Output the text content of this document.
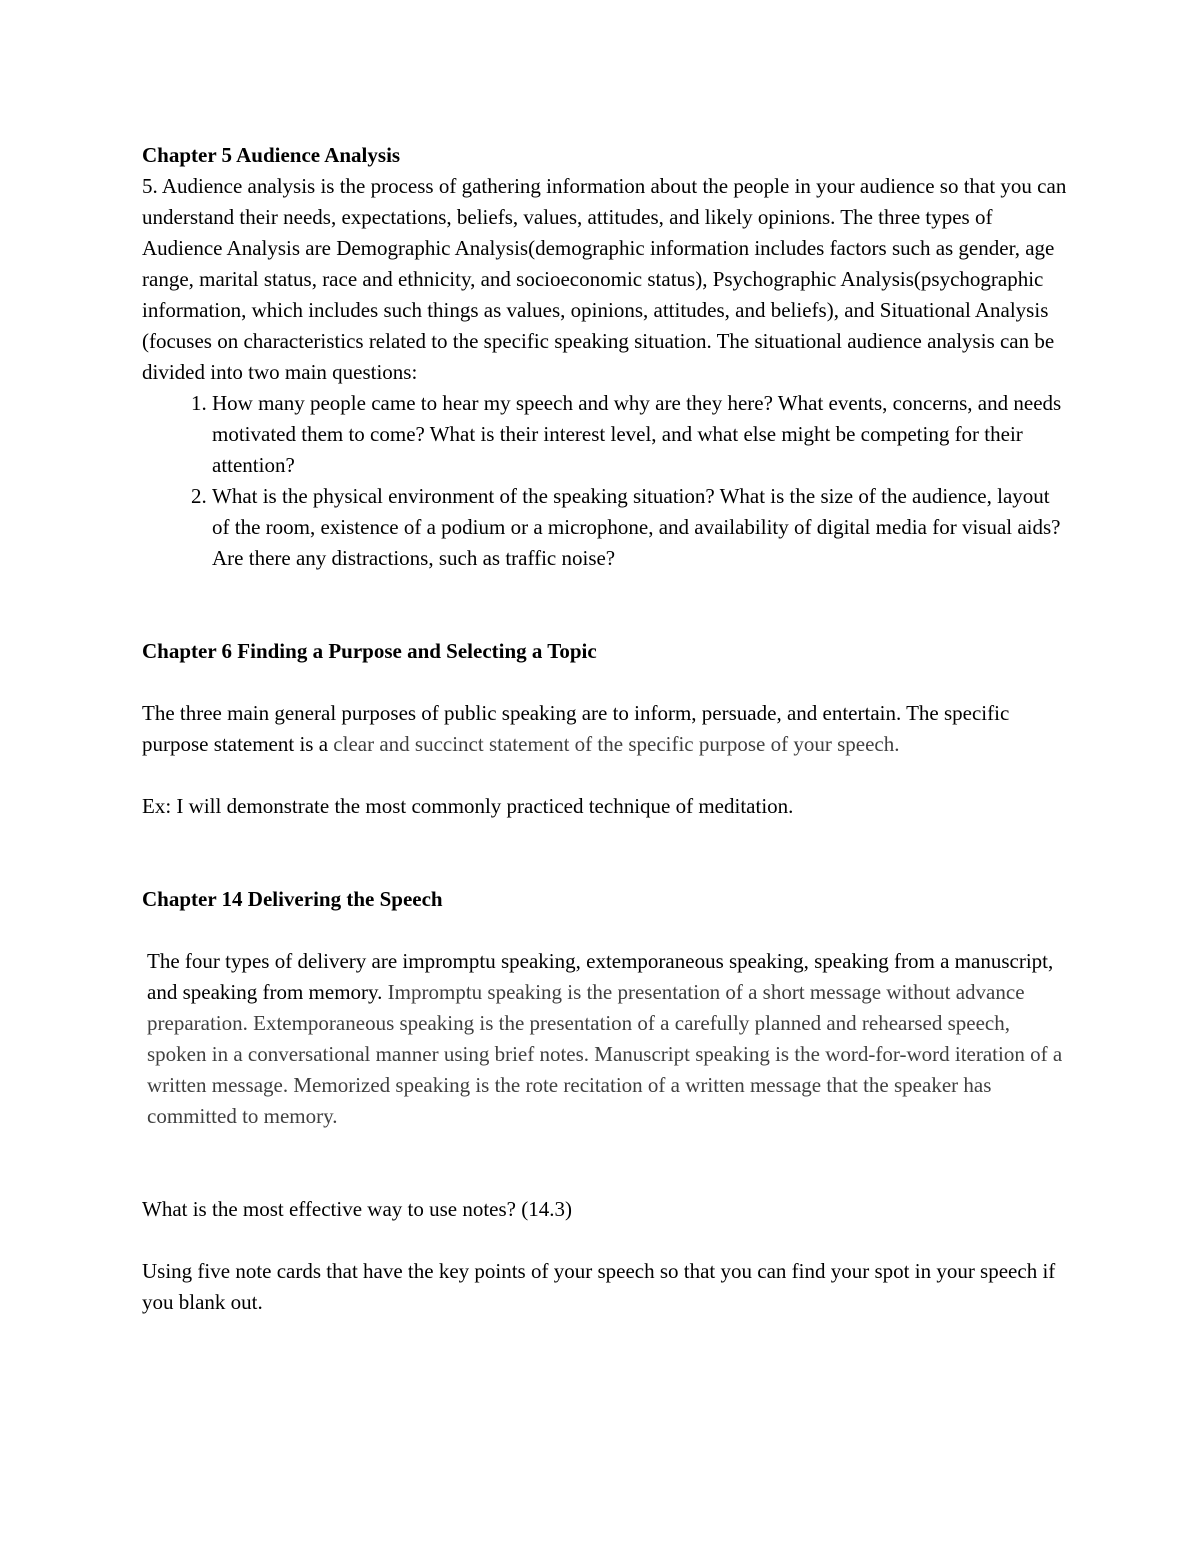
Chapter 5 Audience Analysis

5. Audience analysis is the process of gathering information about the people in your audience so that you can understand their needs, expectations, beliefs, values, attitudes, and likely opinions. The three types of Audience Analysis are Demographic Analysis(demographic information includes factors such as gender, age range, marital status, race and ethnicity, and socioeconomic status), Psychographic Analysis(psychographic information, which includes such things as values, opinions, attitudes, and beliefs), and Situational Analysis

(focuses on characteristics related to the specific speaking situation. The situational audience analysis can be divided into two main questions:

1. How many people came to hear my speech and why are they here? What events, concerns, and needs motivated them to come? What is their interest level, and what else might be competing for their attention?
2. What is the physical environment of the speaking situation? What is the size of the audience, layout of the room, existence of a podium or a microphone, and availability of digital media for visual aids? Are there any distractions, such as traffic noise?

Chapter 6 Finding a Purpose and Selecting a Topic

The three main general purposes of public speaking are to inform, persuade, and entertain. The specific purpose statement is a clear and succinct statement of the specific purpose of your speech.

Ex: I will demonstrate the most commonly practiced technique of meditation.

Chapter 14 Delivering the Speech

The four types of delivery are impromptu speaking, extemporaneous speaking, speaking from a manuscript, and speaking from memory. Impromptu speaking is the presentation of a short message without advance preparation. Extemporaneous speaking is the presentation of a carefully planned and rehearsed speech, spoken in a conversational manner using brief notes. Manuscript speaking is the word-for-word iteration of a written message. Memorized speaking is the rote recitation of a written message that the speaker has committed to memory.

What is the most effective way to use notes? (14.3)

Using five note cards that have the key points of your speech so that you can find your spot in your speech if you blank out.
